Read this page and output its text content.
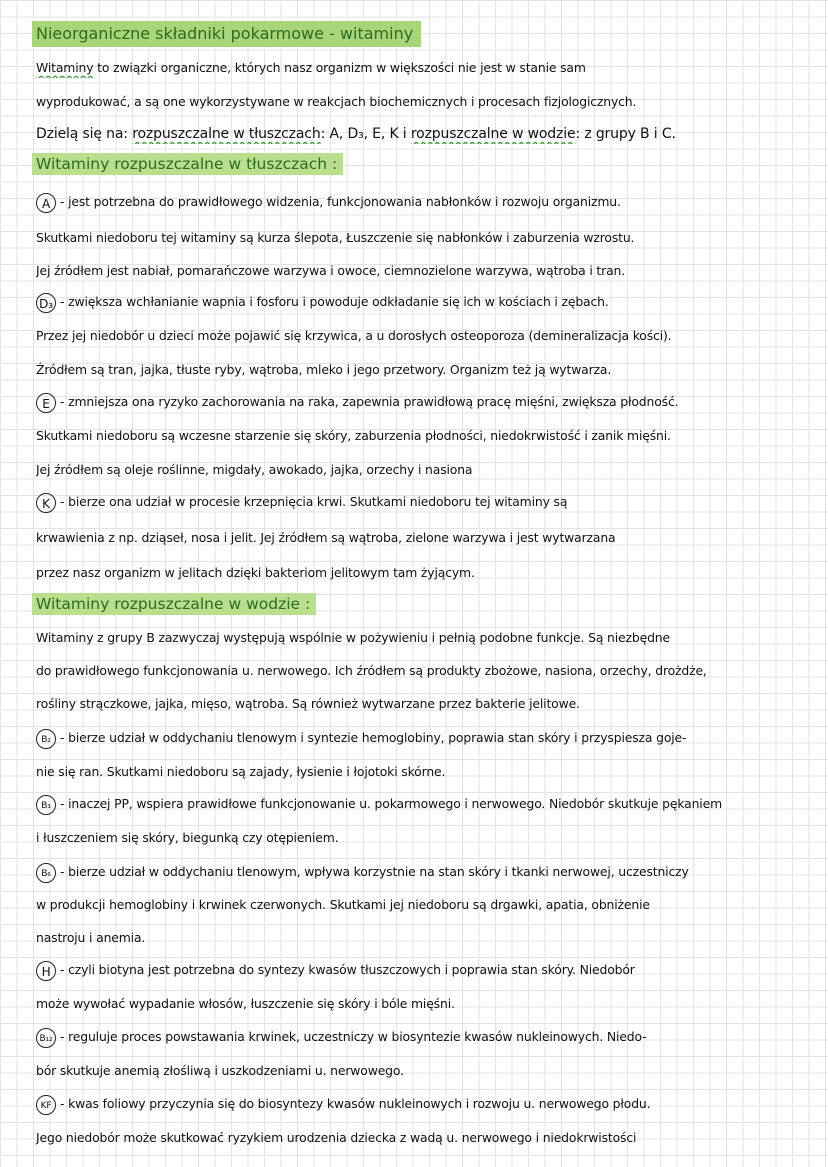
Nieorganiczne składniki pokarmowe - witaminy
Witaminy to związki organiczne, których nasz organizm w większości nie jest w stanie sam
wyprodukować, a są one wykorzystywane w reakcjach biochemicznych i procesach fizjologicznych.
Dzielą się na: rozpuszczalne w tłuszczach: A, D₃, E, K i rozpuszczalne w wodzie: z grupy B i C.
Witaminy rozpuszczalne w tłuszczach :
A - jest potrzebna do prawidłowego widzenia, funkcjonowania nabłonków i rozwoju organizmu.
Skutkami niedoboru tej witaminy są kurza ślepota, Łuszczenie się nabłonków i zaburzenia wzrostu.
Jej źródłem jest nabiał, pomarańczowe warzywa i owoce, ciemnozielone warzywa, wątroba i tran.
D₃ - zwiększa wchłanianie wapnia i fosforu i powoduje odkładanie się ich w kościach i zębach.
Przez jej niedobór u dzieci może pojawić się krzywica, a u dorosłych osteoporoza (demineralizacja kości).
Źródłem są tran, jajka, tłuste ryby, wątroba, mleko i jego przetwory. Organizm też ją wytwarza.
E - zmniejsza ona ryzyko zachorowania na raka, zapewnia prawidłową pracę mięśni, zwiększa płodność.
Skutkami niedoboru są wczesne starzenie się skóry, zaburzenia płodności, niedokrwistość i zanik mięśni.
Jej źródłem są oleje roślinne, migdały, awokado, jajka, orzechy i nasiona
K - bierze ona udział w procesie krzepnięcia krwi. Skutkami niedoboru tej witaminy są
krwawienia z np. dziąseł, nosa i jelit. Jej źródłem są wątroba, zielone warzywa i jest wytwarzana
przez nasz organizm w jelitach dzięki bakteriom jelitowym tam żyjącym.
Witaminy rozpuszczalne w wodzie :
Witaminy z grupy B zazwyczaj występują wspólnie w pożywieniu i pełnią podobne funkcje. Są niezbędne
do prawidłowego funkcjonowania u. nerwowego. Ich źródłem są produkty zbożowe, nasiona, orzechy, drożdże,
rośliny strączkowe, jajka, mięso, wątroba. Są również wytwarzane przez bakterie jelitowe.
B₂ - bierze udział w oddychaniu tlenowym i syntezie hemoglobiny, poprawia stan skóry i przyspiesza goje-
nie się ran. Skutkami niedoboru są zajady, łysienie i łojotoki skórne.
B₃ - inaczej PP, wspiera prawidłowe funkcjonowanie u. pokarmowego i nerwowego. Niedobór skutkuje pękaniem
i łuszczeniem się skóry, biegunką czy otępieniem.
B₆ - bierze udział w oddychaniu tlenowym, wpływa korzystnie na stan skóry i tkanki nerwowej, uczestniczy
w produkcji hemoglobiny i krwinek czerwonych. Skutkami jej niedoboru są drgawki, apatia, obniżenie
nastroju i anemia.
H - czyli biotyna jest potrzebna do syntezy kwasów tłuszczowych i poprawia stan skóry. Niedobór
może wywołać wypadanie włosów, łuszczenie się skóry i bóle mięśni.
B₁₂ - reguluje proces powstawania krwinek, uczestniczy w biosyntezie kwasów nukleinowych. Niedo-
bór skutkuje anemią złośliwą i uszkodzeniami u. nerwowego.
KF - kwas foliowy przyczynia się do biosyntezy kwasów nukleinowych i rozwoju u. nerwowego płodu.
Jego niedobór może skutkować ryzykiem urodzenia dziecka z wadą u. nerwowego i niedokrwistości
